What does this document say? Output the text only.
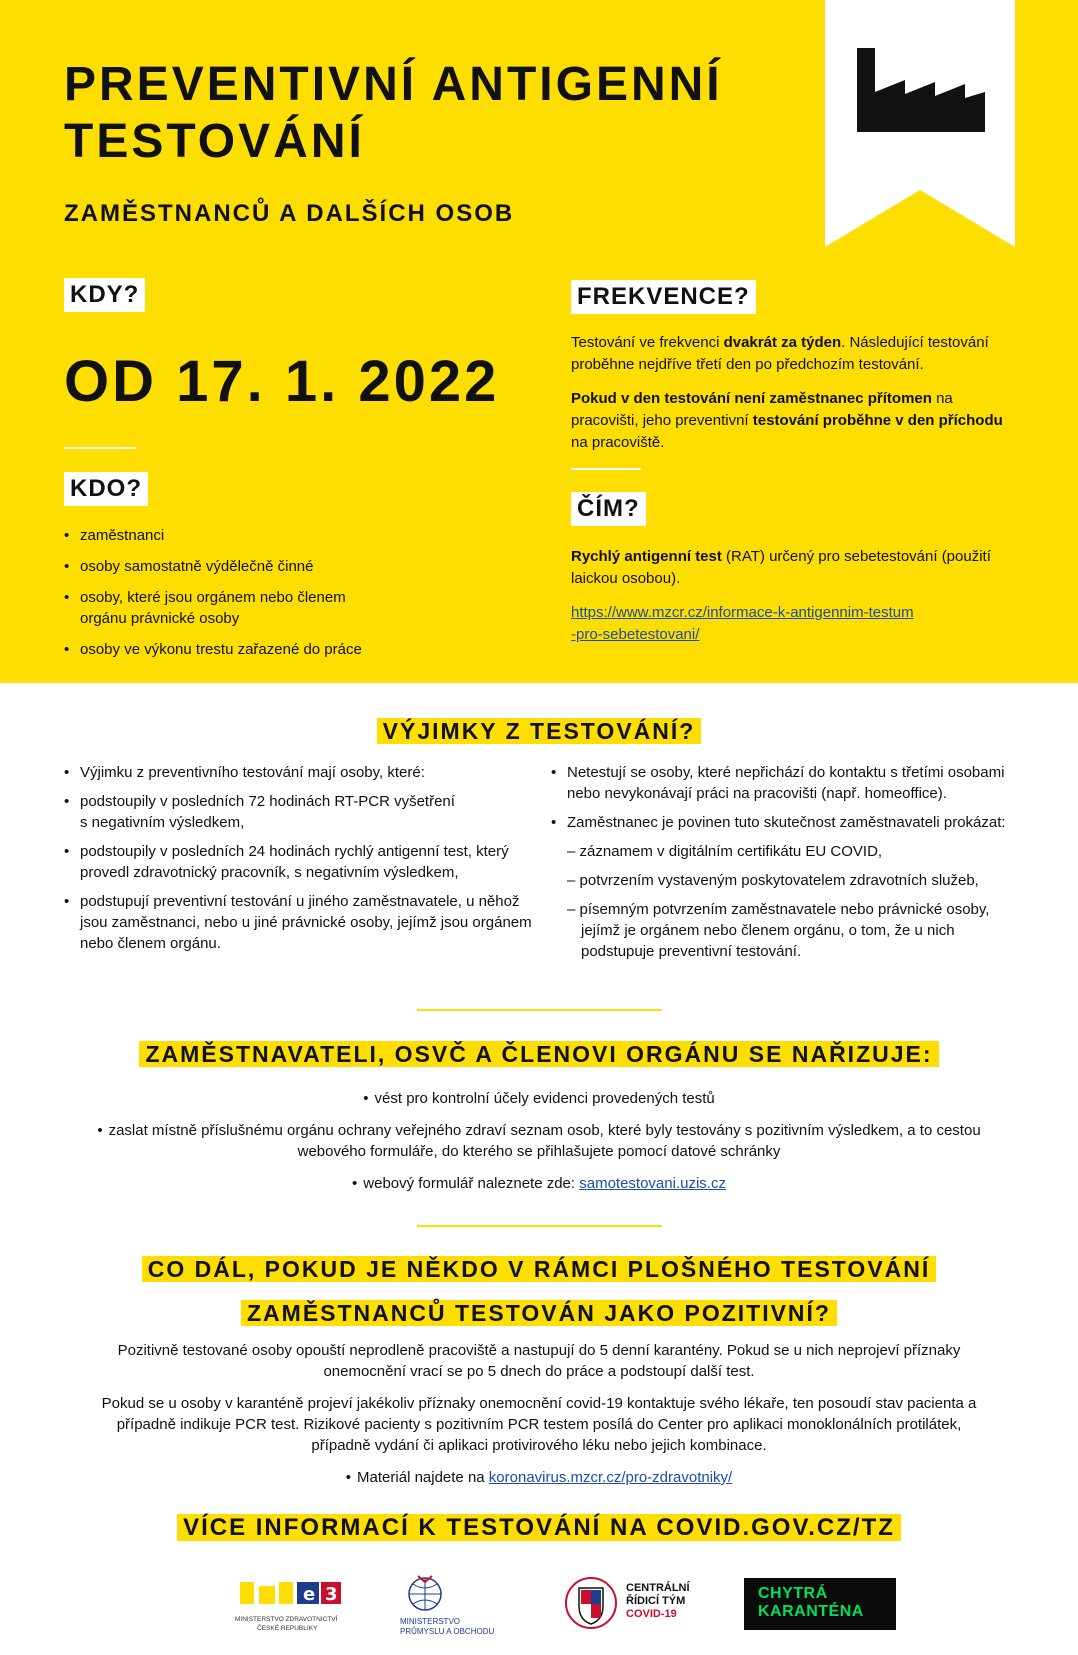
PREVENTIVNÍ ANTIGENNÍ
TESTOVÁNÍ
ZAMĚSTNANCŮ A DALŠÍCH OSOB
KDY?
OD 17. 1. 2022
KDO?
• zaměstnanci
• osoby samostatně výdělečně činné
• osoby, které jsou orgánem nebo členem orgánu právnické osoby
• osoby ve výkonu trestu zařazené do práce
FREKVENCE?

Testování ve frekvenci dvakrát za týden. Následující testování proběhne nejdříve třetí den po předchozím testování.

Pokud v den testování není zaměstnanec přítomen na pracovišti, jeho preventivní testování proběhne v den příchodu na pracoviště.

ČÍM?

Rychlý antigenní test (RAT) určený pro sebetestování (použití laickou osobou).

https://www.mzcr.cz/informace-k-antigennim-testum
-pro-sebetestovani/

VÝJIMKY Z TESTOVÁNÍ?
• Výjimku z preventivního testování mají osoby, které:
• podstoupily v posledních 72 hodinách RT-PCR vyšetření s negativním výsledkem,
• podstoupily v posledních 24 hodinách rychlý antigenní test, který provedl zdravotnický pracovník, s negativním výsledkem,
• podstupují preventivní testování u jiného zaměstnavatele, u něhož jsou zaměstnanci, nebo u jiné právnické osoby, jejímž jsou orgánem nebo členem orgánu.
• Netestují se osoby, které nepřichází do kontaktu s třetími osobami nebo nevykonávají práci na pracovišti (např. homeoffice).
• Zaměstnanec je povinen tuto skutečnost zaměstnavateli prokázat:
– záznamem v digitálním certifikátu EU COVID,
– potvrzením vystaveným poskytovatelem zdravotních služeb,
– písemným potvrzením zaměstnavatele nebo právnické osoby, jejímž je orgánem nebo členem orgánu, o tom, že u nich podstupuje preventivní testování.
ZAMĚSTNAVATELI, OSVČ A ČLENOVI ORGÁNU SE NAŘIZUJE:
• vést pro kontrolní účely evidenci provedených testů
• zaslat místně příslušnému orgánu ochrany veřejného zdraví seznam osob, které byly testovány s pozitivním výsledkem, a to cestou webového formuláře, do kterého se přihlašujete pomocí datové schránky
• webový formulář naleznete zde: samotestovani.uzis.cz
CO DÁL, POKUD JE NĚKDO V RÁMCI PLOŠNÉHO TESTOVÁNÍ
ZAMĚSTNANCŮ TESTOVÁN JAKO POZITIVNÍ?

Pozitivně testované osoby opouští neprodleně pracoviště a nastupují do 5 denní karantény. Pokud se u nich neprojeví příznaky onemocnění vrací se po 5 dnech do práce a podstoupí další test.

Pokud se u osoby v karanténě projeví jakékoliv příznaky onemocnění covid-19 kontaktuje svého lékaře, ten posoudí stav pacienta a případně indikuje PCR test. Rizikové pacienty s pozitivním PCR testem posílá do Center pro aplikaci monoklonálních protilátek, případně vydání či aplikaci protivirového léku nebo jejich kombinace.

• Materiál najdete na koronavirus.mzcr.cz/pro-zdravotniky/
VÍCE INFORMACÍ K TESTOVÁNÍ NA COVID.GOV.CZ/TZ
e 3
MINISTERSTVO ZDRAVOTNICTVÍ
ČESKÉ REPUBLIKY
MINISTERSTVO
PRŮMYSLU A OBCHODU
CENTRÁLNÍ
ŘÍDICÍ TÝM
COVID-19
CHYTRÁ
KARANTÉNA
